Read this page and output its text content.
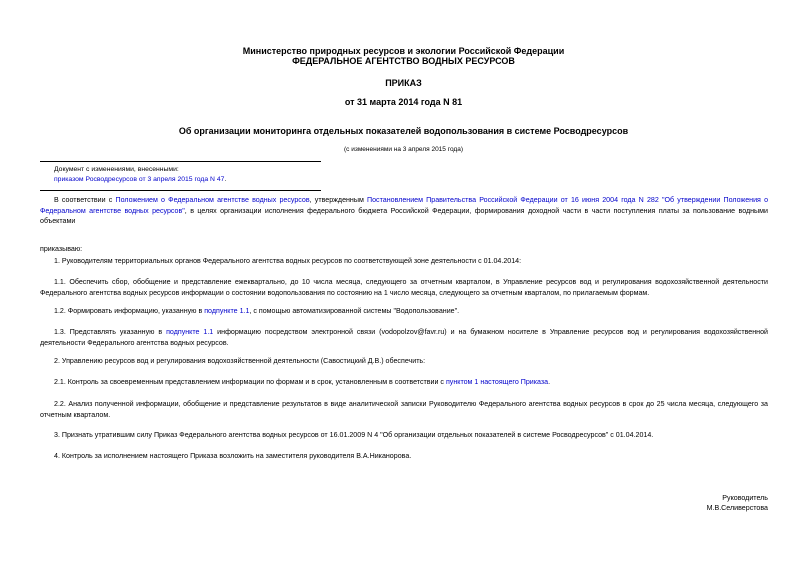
Министерство природных ресурсов и экологии Российской Федерации
ФЕДЕРАЛЬНОЕ АГЕНТСТВО ВОДНЫХ РЕСУРСОВ
ПРИКАЗ
от 31 марта 2014 года N 81
Об организации мониторинга отдельных показателей водопользования в системе Росводресурсов
(с изменениями на 3 апреля 2015 года)
Документ с изменениями, внесенными:
приказом Росводресурсов от 3 апреля 2015 года N 47.
В соответствии с Положением о Федеральном агентстве водных ресурсов, утвержденным Постановлением Правительства Российской Федерации от 16 июня 2004 года N 282 "Об утверждении Положения о Федеральном агентстве водных ресурсов", в целях организации исполнения федерального бюджета Российской Федерации, формирования доходной части в части поступления платы за пользование водными объектами
приказываю:
1. Руководителям территориальных органов Федерального агентства водных ресурсов по соответствующей зоне деятельности с 01.04.2014:
1.1. Обеспечить сбор, обобщение и представление ежеквартально, до 10 числа месяца, следующего за отчетным кварталом, в Управление ресурсов вод и регулирования водохозяйственной деятельности Федерального агентства водных ресурсов информации о состоянии водопользования по состоянию на 1 число месяца, следующего за отчетным кварталом, по прилагаемым формам.
1.2. Формировать информацию, указанную в подпункте 1.1, с помощью автоматизированной системы "Водопользование".
1.3. Представлять указанную в подпункте 1.1 информацию посредством электронной связи (vodopolzov@favr.ru) и на бумажном носителе в Управление ресурсов вод и регулирования водохозяйственной деятельности Федерального агентства водных ресурсов.
2. Управлению ресурсов вод и регулирования водохозяйственной деятельности (Савостицкий Д.В.) обеспечить:
2.1. Контроль за своевременным представлением информации по формам и в срок, установленным в соответствии с пунктом 1 настоящего Приказа.
2.2. Анализ полученной информации, обобщение и представление результатов в виде аналитической записки Руководителю Федерального агентства водных ресурсов в срок до 25 числа месяца, следующего за отчетным кварталом.
3. Признать утратившим силу Приказ Федерального агентства водных ресурсов от 16.01.2009 N 4 "Об организации отдельных показателей в системе Росводресурсов" с 01.04.2014.
4. Контроль за исполнением настоящего Приказа возложить на заместителя руководителя В.А.Никанорова.
Руководитель
М.В.Селиверстова
